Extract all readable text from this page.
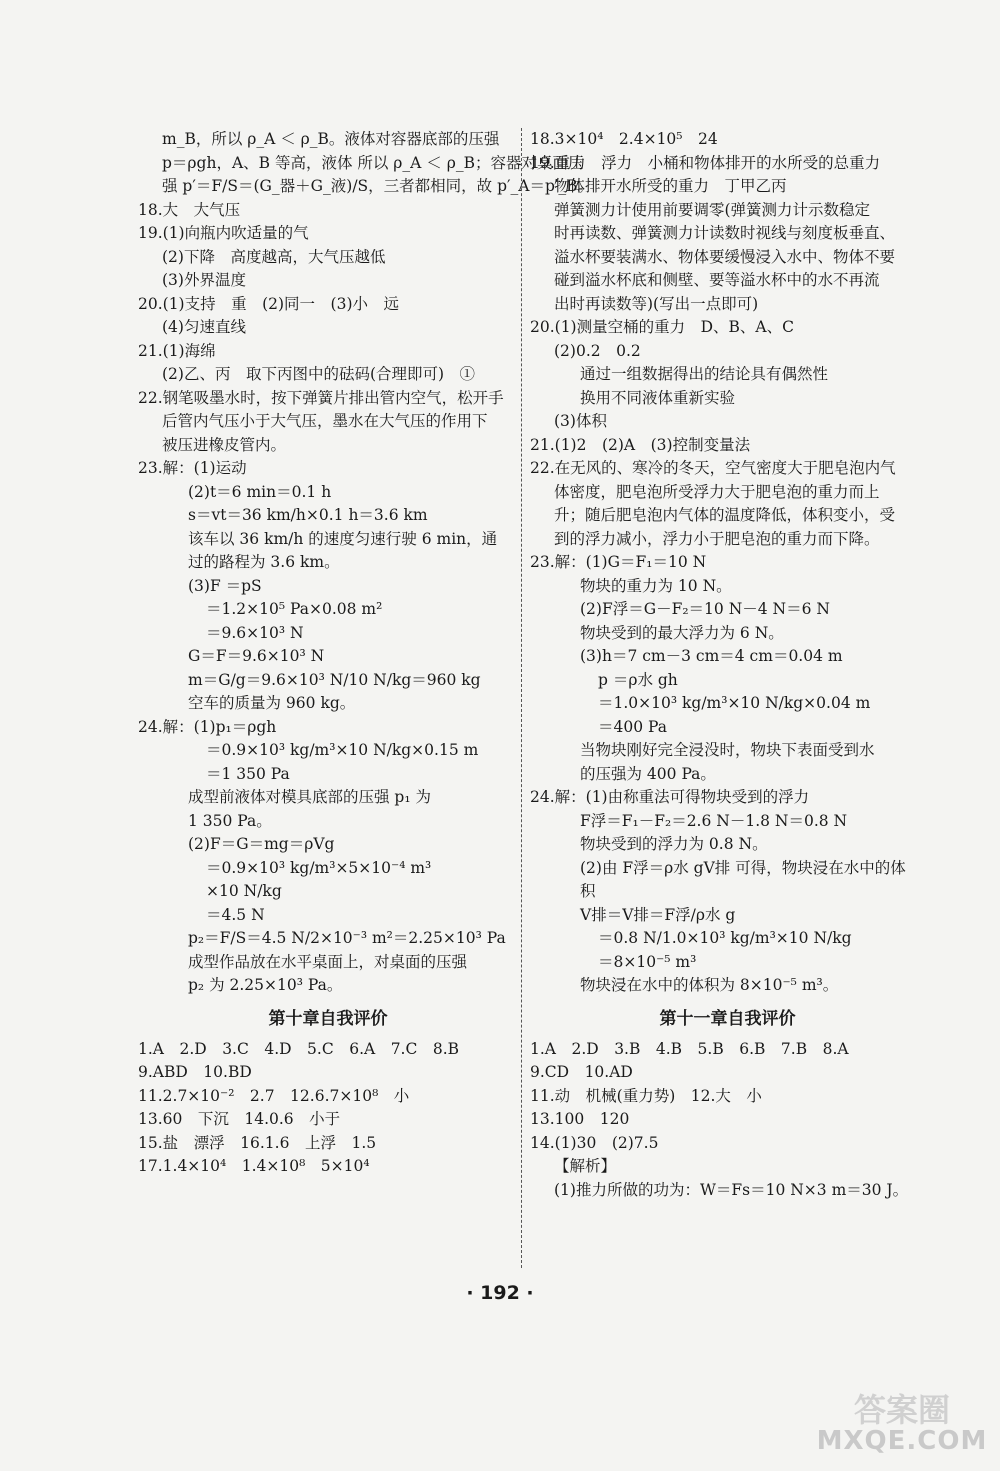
m_B，所以 ρ_A ＜ ρ_B。液体对容器底部的压强
p＝ρgh，A、B 等高，液体 所以 ρ_A ＜ ρ_B；容器对桌面压
强 p′＝F/S＝(G_器＋G_液)/S，三者都相同，故 p′_A＝p′_B。
18.大　大气压
19.(1)向瓶内吹适量的气
(2)下降　高度越高，大气压越低
(3)外界温度
20.(1)支持　重　(2)同一　(3)小　远
(4)匀速直线
21.(1)海绵
(2)乙、丙　取下丙图中的砝码(合理即可)　①
22.钢笔吸墨水时，按下弹簧片排出管内空气，松开手
后管内气压小于大气压，墨水在大气压的作用下
被压进橡皮管内。
23.解：(1)运动
(2)t＝6 min＝0.1 h
s＝vt＝36 km/h×0.1 h＝3.6 km
该车以 36 km/h 的速度匀速行驶 6 min，通
过的路程为 3.6 km。
(3)F ＝pS
＝1.2×10⁵ Pa×0.08 m²
＝9.6×10³ N
G＝F＝9.6×10³ N
m＝G/g＝9.6×10³ N/10 N/kg＝960 kg
空车的质量为 960 kg。
24.解：(1)p₁＝ρgh
＝0.9×10³ kg/m³×10 N/kg×0.15 m
＝1 350 Pa
成型前液体对模具底部的压强 p₁ 为
1 350 Pa。
(2)F＝G＝mg＝ρVg
＝0.9×10³ kg/m³×5×10⁻⁴ m³
×10 N/kg
＝4.5 N
p₂＝F/S＝4.5 N/2×10⁻³ m²＝2.25×10³ Pa
成型作品放在水平桌面上，对桌面的压强
p₂ 为 2.25×10³ Pa。
第十章自我评价
1.A　2.D　3.C　4.D　5.C　6.A　7.C　8.B
9.ABD　10.BD
11.2.7×10⁻²　2.7　12.6.7×10⁸　小
13.60　下沉　14.0.6　小于
15.盐　漂浮　16.1.6　上浮　1.5
17.1.4×10⁴　1.4×10⁸　5×10⁴
18.3×10⁴　2.4×10⁵　24
19.重力　浮力　小桶和物体排开的水所受的总重力
物体排开水所受的重力　丁甲乙丙
弹簧测力计使用前要调零(弹簧测力计示数稳定
时再读数、弹簧测力计读数时视线与刻度板垂直、
溢水杯要装满水、物体要缓慢浸入水中、物体不要
碰到溢水杯底和侧壁、要等溢水杯中的水不再流
出时再读数等)(写出一点即可)
20.(1)测量空桶的重力　D、B、A、C
(2)0.2　0.2
通过一组数据得出的结论具有偶然性
换用不同液体重新实验
(3)体积
21.(1)2　(2)A　(3)控制变量法
22.在无风的、寒冷的冬天，空气密度大于肥皂泡内气
体密度，肥皂泡所受浮力大于肥皂泡的重力而上
升；随后肥皂泡内气体的温度降低，体积变小，受
到的浮力减小，浮力小于肥皂泡的重力而下降。
23.解：(1)G＝F₁＝10 N
物块的重力为 10 N。
(2)F浮＝G－F₂＝10 N－4 N＝6 N
物块受到的最大浮力为 6 N。
(3)h＝7 cm－3 cm＝4 cm＝0.04 m
p ＝ρ水 gh
＝1.0×10³ kg/m³×10 N/kg×0.04 m
＝400 Pa
当物块刚好完全浸没时，物块下表面受到水
的压强为 400 Pa。
24.解：(1)由称重法可得物块受到的浮力
F浮＝F₁－F₂＝2.6 N－1.8 N＝0.8 N
物块受到的浮力为 0.8 N。
(2)由 F浮＝ρ水 gV排 可得，物块浸在水中的体
积
V排＝V排＝F浮/ρ水 g
＝0.8 N/1.0×10³ kg/m³×10 N/kg
＝8×10⁻⁵ m³
物块浸在水中的体积为 8×10⁻⁵ m³。
第十一章自我评价
1.A　2.D　3.B　4.B　5.B　6.B　7.B　8.A
9.CD　10.AD
11.动　机械(重力势)　12.大　小
13.100　120
14.(1)30　(2)7.5
【解析】
(1)推力所做的功为：W＝Fs＝10 N×3 m＝30 J。
· 192 ·
答案圈
MXQE.COM
